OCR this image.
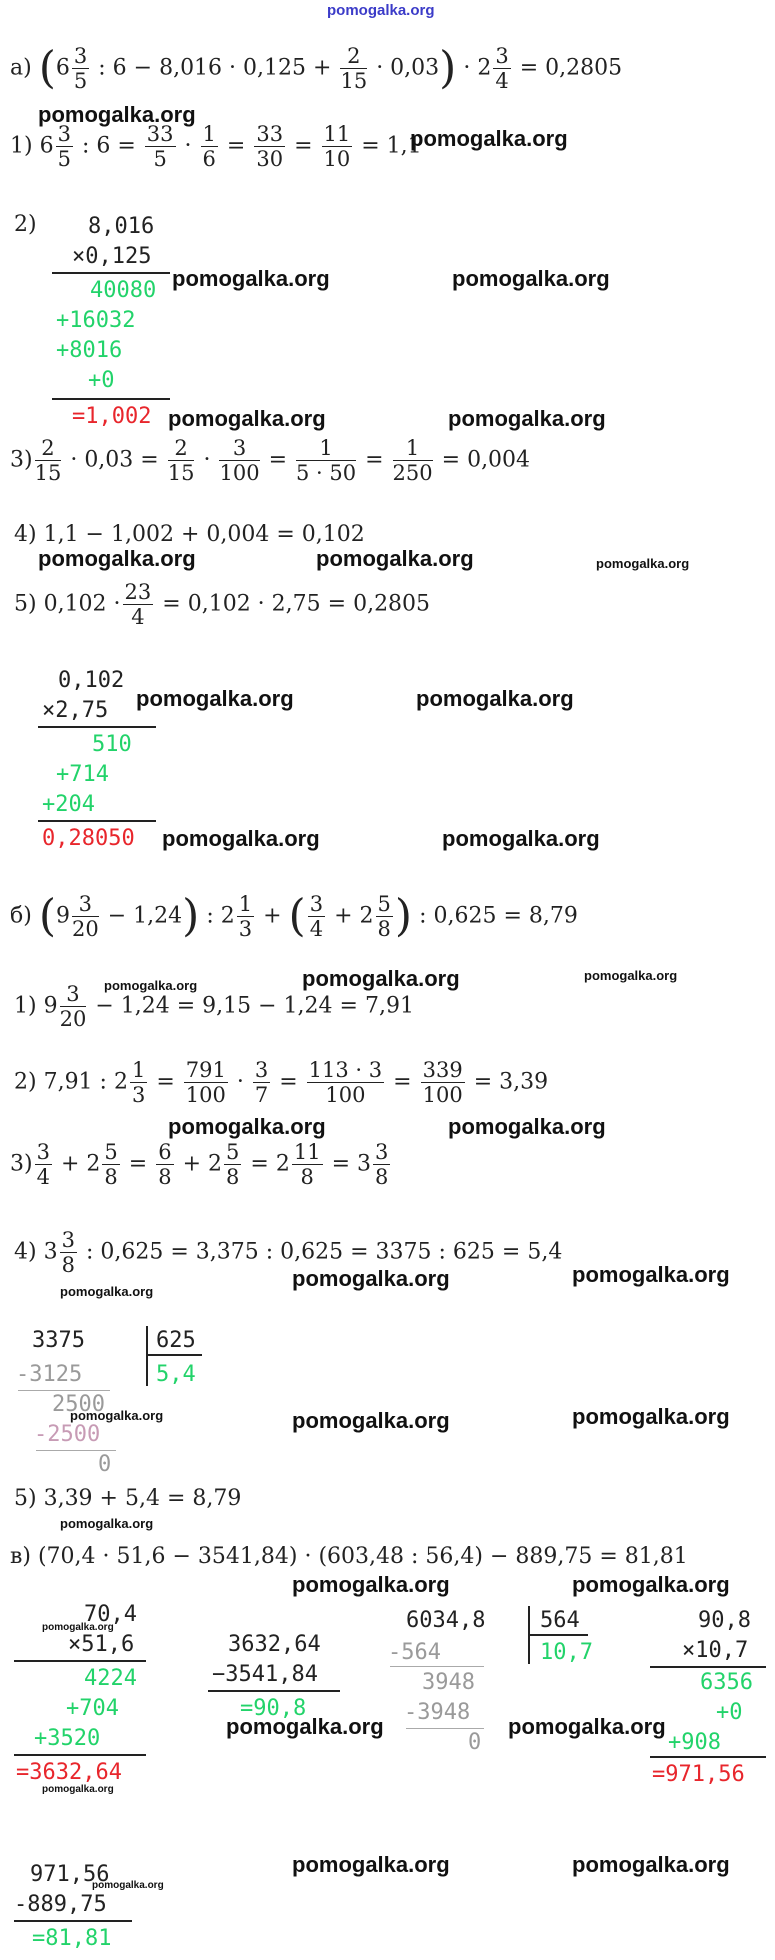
pomogalka.org
а) ($6 \frac{3}{5}$ : $6 - 8,016 \cdot 0,125 + \frac{2}{15} \cdot 0,03) \cdot 2 \frac{3}{4} = 0,2805$
pomogalka.org
1) $6 \frac{3}{5}$ : $6 = \frac{33}{5} \cdot \frac{1}{6} = \frac{33}{30} = \frac{11}{10} = 1,1$
pomogalka.org
2) 8,016
×0,125
40080 pomogalka.org	pomogalka.org
+16032
+8016
+0
=1,002 pomogalka.org	pomogalka.org
$3) \frac{2}{15} \cdot 0,03 = \frac{2}{15} \cdot \frac{3}{100} = \frac{1}{5 \cdot 50} = \frac{1}{250} = 0,004$
4) 1,1 − 1,002 + 0,004 = 0,102
pomogalka.org	pomogalka.org	pomogalka.org
5) $0,102 \cdot \frac{23}{4} = 0,102 \cdot 2,75 = 0,2805$
0,102
pomogalka.org	pomogalka.org
×2,75
510
+714
+204
0,28050 pomogalka.org	pomogalka.org
б) $(9 \frac{3}{20} - 1,24)$ : $2 \frac{1}{3}$ + ( $\frac{3}{4} + 2 \frac{5}{8}$ ) : 0,625 = 8,79
pomogalka.org	pomogalka.org	pomogalka.org
1) $9 \frac{3}{20} - 1,24 = 9,15 - 1,24 = 7,91$
2) 7,91 : $2 \frac{1}{3} = \frac{791}{100} \cdot \frac{3}{7} = \frac{113 \cdot 3}{100} = \frac{339}{100} = 3,39$
pomogalka.org	pomogalka.org
$3) \frac{3}{4} + 2 \frac{5}{8} = \frac{6}{8} + 2 \frac{5}{8} = 2 \frac{11}{8} = 3 \frac{3}{8}$
4) $3 \frac{3}{8}$ : 0,625 = 3,375 : 0,625 = 3375 : 625 = 5,4
pomogalka.org
pomogalka.org	pomogalka.org
3375	625
-3125	5,4
2500
pomogalka.org
-2500
0
pomogalka.org	pomogalka.org
5) 3,39 + 5,4 = 8,79
pomogalka.org
в) (70,4 · 51,6 − 3541,84) · (603,48 : 56,4) − 889,75 = 81,81
pomogalka.org	pomogalka.org
70,4
pomogalka.org
×51,6
4224
+704
+3520
=3632,64
pomogalka.org
3632,64
−3541,84
=90,8
pomogalka.org
6034,8 564
-564	10,7
3948
-3948
0
pomogalka.org
90,8
×10,7
6356
+0
+908
=971,56
971,56
pomogalka.org
-889,75
=81,81
pomogalka.org	pomogalka.org
